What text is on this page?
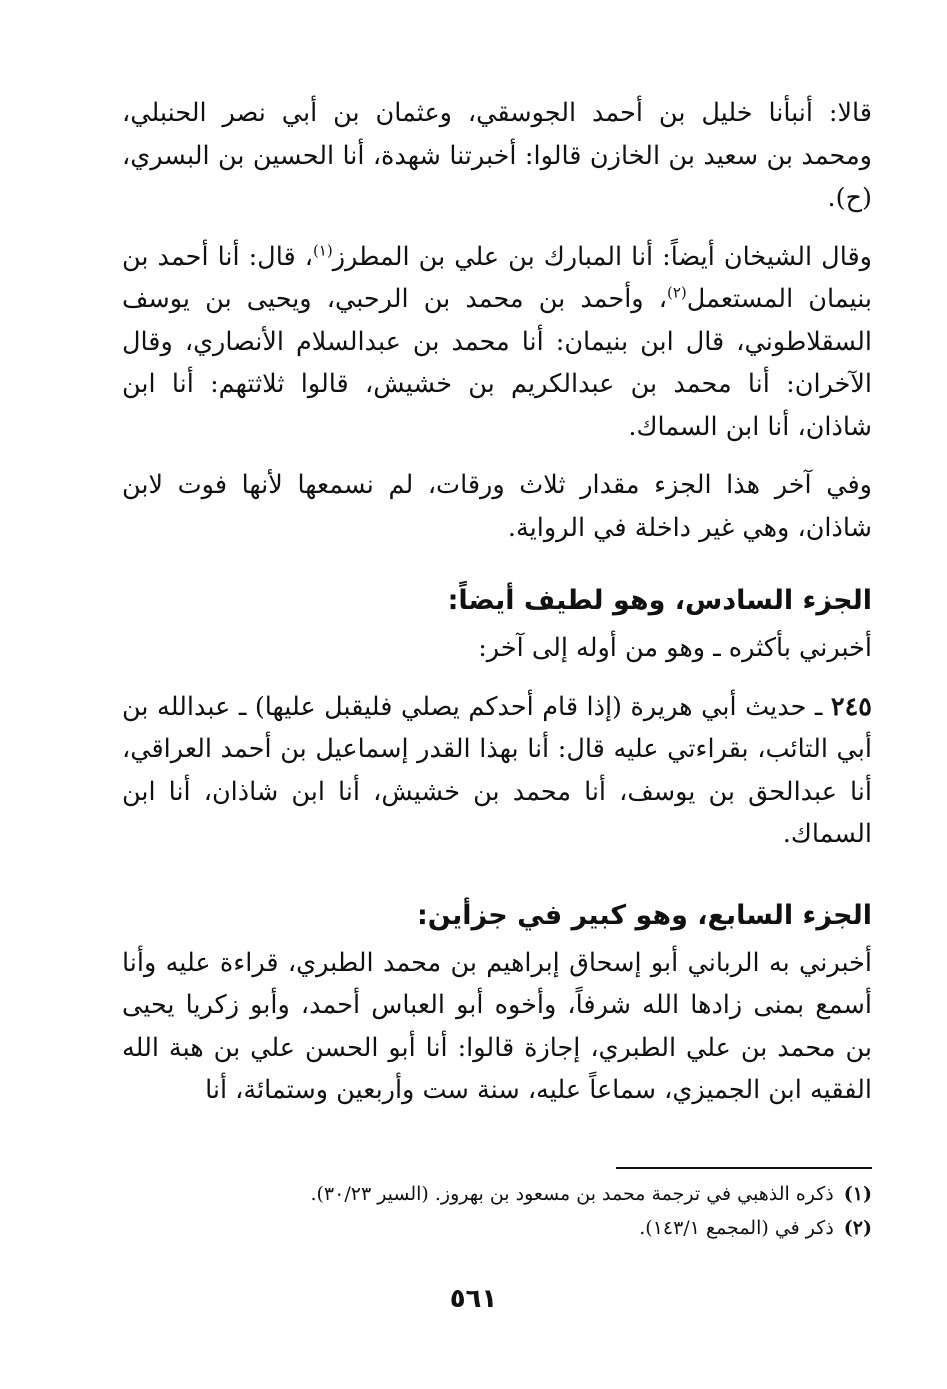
قالا: أنبأنا خليل بن أحمد الجوسقي، وعثمان بن أبي نصر الحنبلي، ومحمد بن سعيد بن الخازن قالوا: أخبرتنا شهدة، أنا الحسين بن البسري، (ح).

وقال الشيخان أيضاً: أنا المبارك بن علي بن المطرز$^{(١)}$، قال: أنا أحمد بن بنيمان المستعمل$^{(٢)}$، وأحمد بن محمد بن الرحبي، ويحيى بن يوسف السقلاطوني، قال ابن بنيمان: أنا محمد بن عبدالسلام الأنصاري، وقال الآخران: أنا محمد بن عبدالكريم بن خشيش، قالوا ثلاثتهم: أنا ابن شاذان، أنا ابن السماك.

وفي آخر هذا الجزء مقدار ثلاث ورقات، لم نسمعها لأنها فوت لابن شاذان، وهي غير داخلة في الرواية.

الجزء السادس، وهو لطيف أيضاً:

أخبرني بأكثره ـ وهو من أوله إلى آخر:

٢٤٥ ـ حديث أبي هريرة (إذا قام أحدكم يصلي فليقبل عليها) ـ عبدالله بن أبي التائب، بقراءتي عليه قال: أنا بهذا القدر إسماعيل بن أحمد العراقي، أنا عبدالحق بن يوسف، أنا محمد بن خشيش، أنا ابن شاذان، أنا ابن السماك.

الجزء السابع، وهو كبير في جزأين:

أخبرني به الرباني أبو إسحاق إبراهيم بن محمد الطبري، قراءة عليه وأنا أسمع بمنى زادها الله شرفاً، وأخوه أبو العباس أحمد، وأبو زكريا يحيى بن محمد بن علي الطبري، إجازة قالوا: أنا أبو الحسن علي بن هبة الله الفقيه ابن الجميزي، سماعاً عليه، سنة ست وأربعين وستمائة، أنا

(١)ذكره الذهبي في ترجمة محمد بن مسعود بن بهروز. (السير ٣٠/٢٣).

(٢)ذكر في (المجمع ١٤٣/١).

٥٦١
